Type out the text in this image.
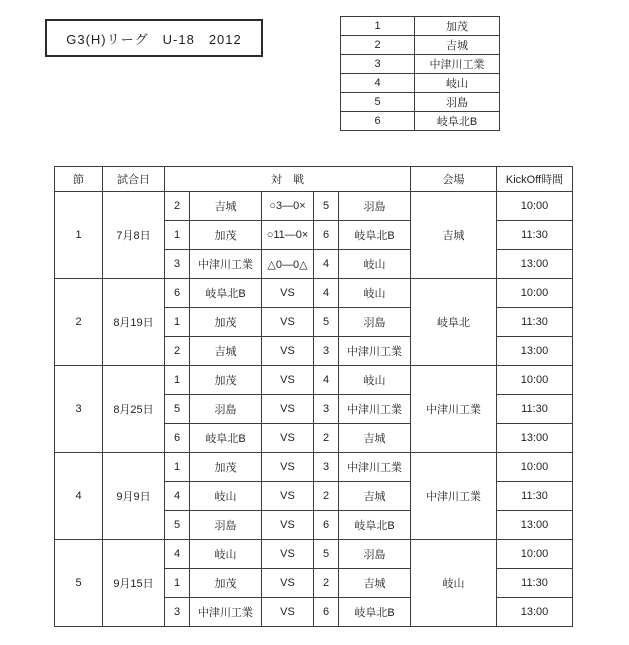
G3(H)リーグ　U-18　2012
1	加茂
2	吉城
3	中津川工業
4	岐山
5	羽島
6	岐阜北B
節	試合日	対　戦					会場	KickOff時間
1	7月8日	2	吉城	○3—0×	5	羽島	吉城	10:00
		1	加茂	○11—0×	6	岐阜北B		11:30
		3	中津川工業	△0—0△	4	岐山		13:00
2	8月19日	6	岐阜北B	VS	4	岐山	岐阜北	10:00
		1	加茂	VS	5	羽島		11:30
		2	吉城	VS	3	中津川工業		13:00
3	8月25日	1	加茂	VS	4	岐山	中津川工業	10:00
		5	羽島	VS	3	中津川工業		11:30
		6	岐阜北B	VS	2	吉城		13:00
4	9月9日	1	加茂	VS	3	中津川工業	中津川工業	10:00
		4	岐山	VS	2	吉城		11:30
		5	羽島	VS	6	岐阜北B		13:00
5	9月15日	4	岐山	VS	5	羽島	岐山	10:00
		1	加茂	VS	2	吉城		11:30
		3	中津川工業	VS	6	岐阜北B		13:00
